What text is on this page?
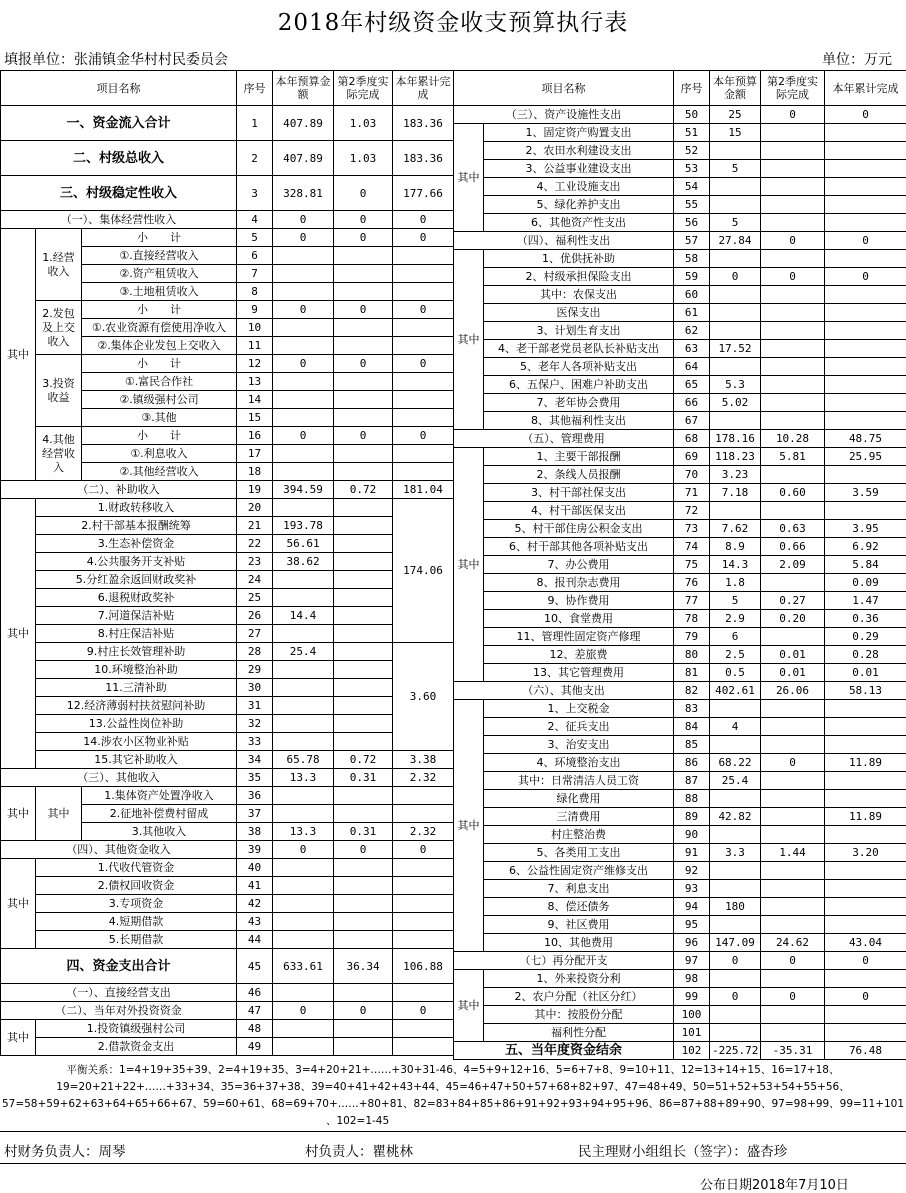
2018年村级资金收支预算执行表
填报单位：张浦镇金华村村民委员会	单位：万元
项目名称			序号	本年预算金额	第2季度实际完成	本年累计完成
一、资金流入合计			1	407.89	1.03	183.36
二、村级总收入			2	407.89	1.03	183.36
三、村级稳定性收入			3	328.81	0	177.66
（一）、集体经营性收入			4	0	0	0
其中	1.经营收入	小　　计	5	0	0	0
		①.直接经营收入	6			
		②.资产租赁收入	7			
		③.土地租赁收入	8			
	2.发包及上交收入	小　　计	9	0	0	0
		①.农业资源有偿使用净收入	10			
		②.集体企业发包上交收入	11			
	3.投资收益	小　　计	12	0	0	0
		①.富民合作社	13			
		②.镇级强村公司	14			
		③.其他	15			
	4.其他经营收入	小　　计	16	0	0	0
		①.利息收入	17			
		②.其他经营收入	18			
（二）、补助收入			19	394.59	0.72	181.04
其中	1.财政转移收入		20			174.06
	2.村干部基本报酬统筹		21	193.78		
	3.生态补偿资金		22	56.61		
	4.公共服务开支补贴		23	38.62		
	5.分红盈余返回财政奖补		24			
	6.退税财政奖补		25			
	7.河道保洁补贴		26	14.4		
	8.村庄保洁补贴		27			
	9.村庄长效管理补助		28	25.4		3.60
	10.环境整治补助		29			
	11.三清补助		30			
	12.经济薄弱村扶贫慰问补助		31			
	13.公益性岗位补助		32			
	14.涉农小区物业补贴		33			
	15.其它补助收入		34	65.78	0.72	3.38
（三）、其他收入			35	13.3	0.31	2.32
其中	其中	1.集体资产处置净收入	36			
		2.征地补偿费村留成	37			
		3.其他收入	38	13.3	0.31	2.32
（四）、其他资金收入			39	0	0	0
其中	1.代收代管资金		40			
	2.债权回收资金		41			
	3.专项资金		42			
	4.短期借款		43			
	5.长期借款		44			
四、资金支出合计			45	633.61	36.34	106.88
（一）、直接经营支出			46			
（二）、当年对外投资资金			47	0	0	0
其中	1.投资镇级强村公司		48			
	2.借款资金支出		49			
项目名称		序号	本年预算金额	第2季度实际完成	本年累计完成
（三）、资产设施性支出		50	25	0	0
其中	1、固定资产购置支出	51	15		
	2、农田水利建设支出	52			
	3、公益事业建设支出	53	5		
	4、工业设施支出	54			
	5、绿化养护支出	55			
	6、其他资产性支出	56	5		
（四）、福利性支出		57	27.84	0	0
其中	1、优供抚补助	58			
	2、村级承担保险支出	59	0	0	0
	其中：农保支出	60			
	医保支出	61			
	3、计划生育支出	62			
	4、老干部老党员老队长补贴支出	63	17.52		
	5、老年人各项补贴支出	64			
	6、五保户、困难户补助支出	65	5.3		
	7、老年协会费用	66	5.02		
	8、其他福利性支出	67			
（五）、管理费用		68	178.16	10.28	48.75
其中	1、主要干部报酬	69	118.23	5.81	25.95
	2、条线人员报酬	70	3.23		
	3、村干部社保支出	71	7.18	0.60	3.59
	4、村干部医保支出	72			
	5、村干部住房公积金支出	73	7.62	0.63	3.95
	6、村干部其他各项补贴支出	74	8.9	0.66	6.92
	7、办公费用	75	14.3	2.09	5.84
	8、报刊杂志费用	76	1.8		0.09
	9、协作费用	77	5	0.27	1.47
	10、食堂费用	78	2.9	0.20	0.36
	11、管理性固定资产修理	79	6		0.29
	12、差旅费	80	2.5	0.01	0.28
	13、其它管理费用	81	0.5	0.01	0.01
（六）、其他支出		82	402.61	26.06	58.13
其中	1、上交税金	83			
	2、征兵支出	84	4		
	3、治安支出	85			
	4、环境整治支出	86	68.22	0	11.89
	其中：日常清洁人员工资	87	25.4		
	绿化费用	88			
	三清费用	89	42.82		11.89
	村庄整治费	90			
	5、各类用工支出	91	3.3	1.44	3.20
	6、公益性固定资产维修支出	92			
	7、利息支出	93			
	8、偿还债务	94	180		
	9、社区费用	95			
	10、其他费用	96	147.09	24.62	43.04
（七）再分配开支		97	0	0	0
其中	1、外来投资分利	98			
	2、农户分配（社区分红）	99	0	0	0
	其中：按股份分配	100			
	福利性分配	101			
五、当年度资金结余		102	-225.72	-35.31	76.48
平衡关系：1=4+19+35+39、2=4+19+35、3=4+20+21+……+30+31-46、4=5+9+12+16、5=6+7+8、9=10+11、12=13+14+15、16=17+18、
19=20+21+22+……+33+34、35=36+37+38、39=40+41+42+43+44、45=46+47+50+57+68+82+97、47=48+49、50=51+52+53+54+55+56、
57=58+59+62+63+64+65+66+67、59=60+61、68=69+70+……+80+81、82=83+84+85+86+91+92+93+94+95+96、86=87+88+89+90、97=98+99、99=11+101
、102=1-45
村财务负责人：周琴	村负责人：瞿桃林	民主理财小组组长（签字）：盛杏珍
公布日期2018年7月10日
